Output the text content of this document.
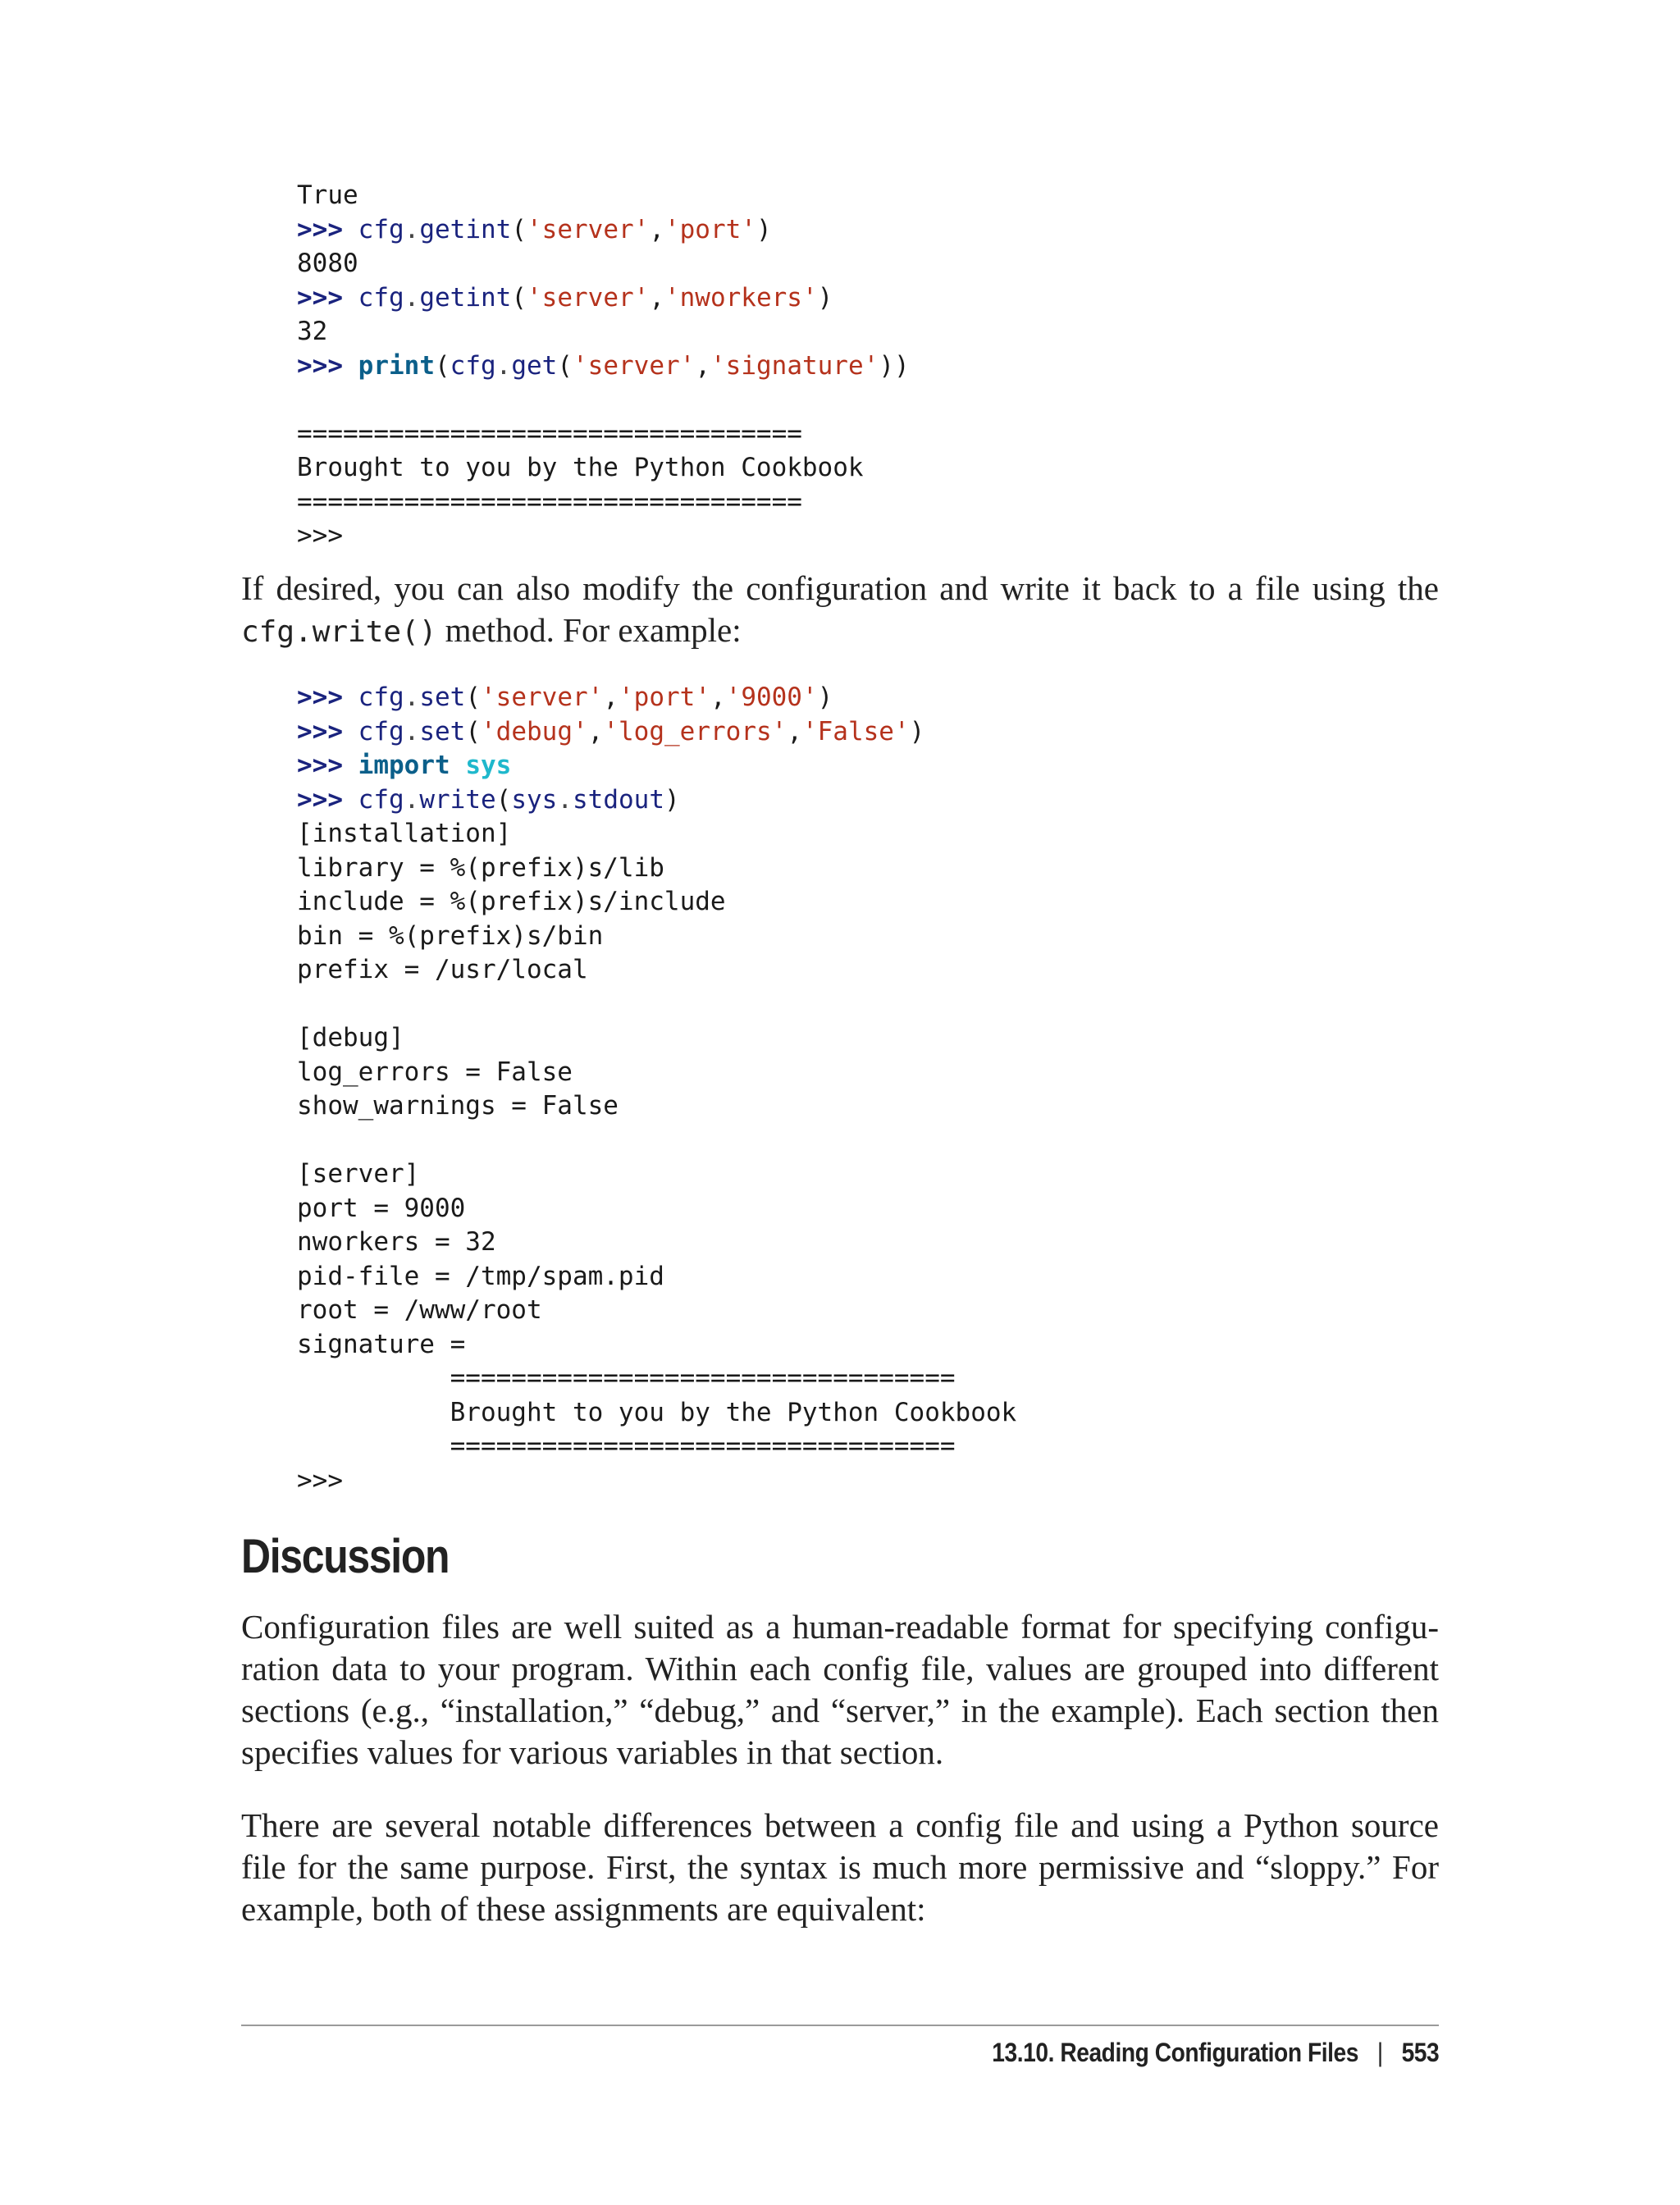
True
>>> cfg.getint('server','port')
8080
>>> cfg.getint('server','nworkers')
32
>>> print(cfg.get('server','signature'))
=================================
Brought to you by the Python Cookbook
=================================
>>>

If desired, you can also modify the configuration and write it back to a file using the cfg.write() method. For example:

>>> cfg.set('server','port','9000')
>>> cfg.set('debug','log_errors','False')
>>> import sys
>>> cfg.write(sys.stdout)
[installation]
library = %(prefix)s/lib
include = %(prefix)s/include
bin = %(prefix)s/bin
prefix = /usr/local
[debug]
log_errors = False
show_warnings = False
[server]
port = 9000
nworkers = 32
pid-file = /tmp/spam.pid
root = /www/root
signature =
=================================
Brought to you by the Python Cookbook
=================================
>>>
Discussion

Configuration files are well suited as a human-readable format for specifying configuration data to your program. Within each config file, values are grouped into different sections (e.g., “installation,” “debug,” and “server,” in the example). Each section then specifies values for various variables in that section.

There are several notable differences between a config file and using a Python source file for the same purpose. First, the syntax is much more permissive and “sloppy.” For example, both of these assignments are equivalent:

13.10. Reading Configuration Files | 553
